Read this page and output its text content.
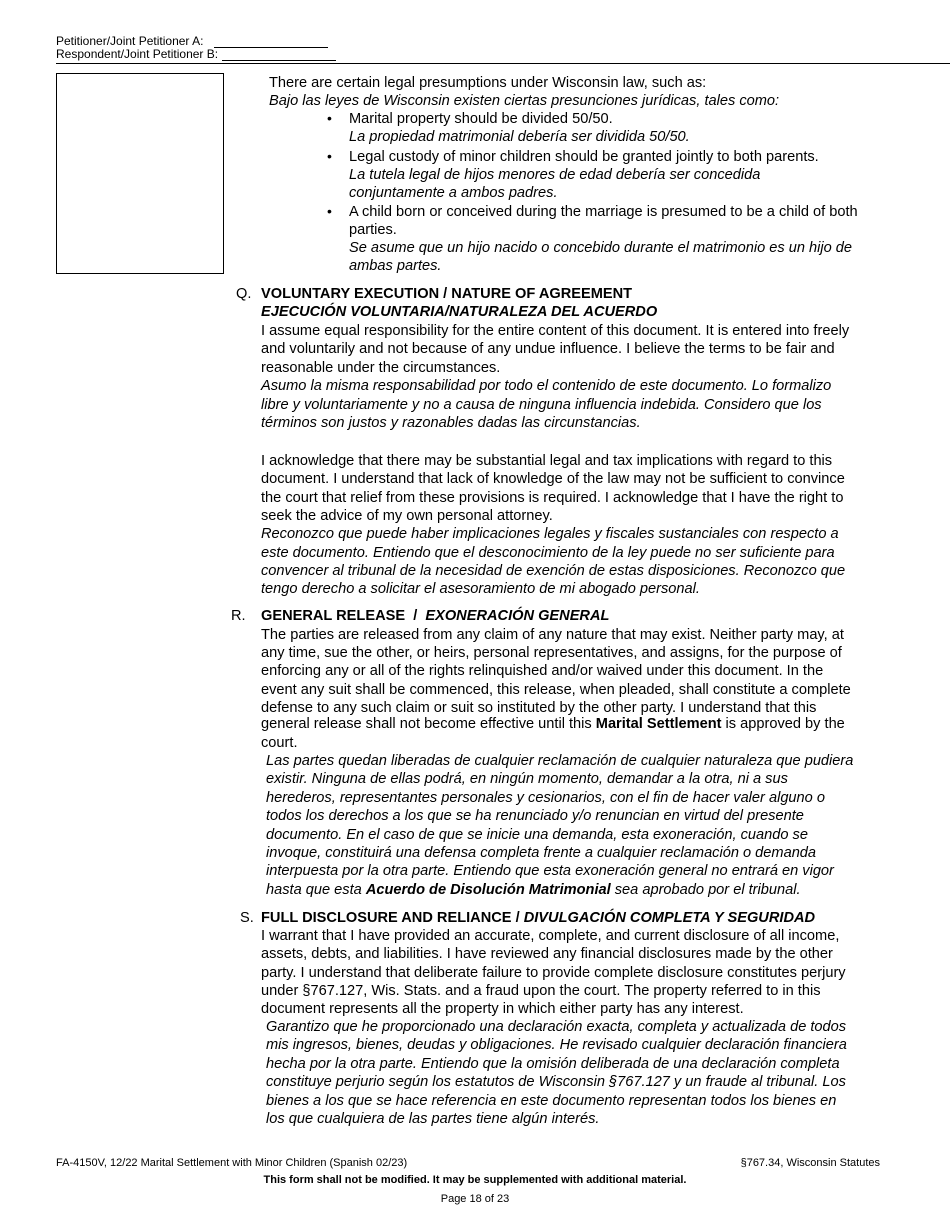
Petitioner/Joint Petitioner A:
Respondent/Joint Petitioner B:
There are certain legal presumptions under Wisconsin law, such as:
Bajo las leyes de Wisconsin existen ciertas presunciones jurídicas, tales como:
• Marital property should be divided 50/50.
La propiedad matrimonial debería ser dividida 50/50.
• Legal custody of minor children should be granted jointly to both parents.
La tutela legal de hijos menores de edad debería ser concedida
conjuntamente a ambos padres.
• A child born or conceived during the marriage is presumed to be a child of both
parties.
Se asume que un hijo nacido o concebido durante el matrimonio es un hijo de
ambas partes.
Q. VOLUNTARY EXECUTION / NATURE OF AGREEMENT
EJECUCIÓN VOLUNTARIA/NATURALEZA DEL ACUERDO
I assume equal responsibility for the entire content of this document. It is entered into freely
and voluntarily and not because of any undue influence. I believe the terms to be fair and
reasonable under the circumstances.
Asumo la misma responsabilidad por todo el contenido de este documento. Lo formalizo
libre y voluntariamente y no a causa de ninguna influencia indebida. Considero que los
términos son justos y razonables dadas las circunstancias.
I acknowledge that there may be substantial legal and tax implications with regard to this
document. I understand that lack of knowledge of the law may not be sufficient to convince
the court that relief from these provisions is required. I acknowledge that I have the right to
seek the advice of my own personal attorney.
Reconozco que puede haber implicaciones legales y fiscales sustanciales con respecto a
este documento. Entiendo que el desconocimiento de la ley puede no ser suficiente para
convencer al tribunal de la necesidad de exención de estas disposiciones. Reconozco que
tengo derecho a solicitar el asesoramiento de mi abogado personal.
R. GENERAL RELEASE / EXONERACIÓN GENERAL
The parties are released from any claim of any nature that may exist. Neither party may, at
any time, sue the other, or heirs, personal representatives, and assigns, for the purpose of
enforcing any or all of the rights relinquished and/or waived under this document. In the
event any suit shall be commenced, this release, when pleaded, shall constitute a complete
defense to any such claim or suit so instituted by the other party. I understand that this
general release shall not become effective until this Marital Settlement is approved by the
court.
Las partes quedan liberadas de cualquier reclamación de cualquier naturaleza que pudiera
existir. Ninguna de ellas podrá, en ningún momento, demandar a la otra, ni a sus
herederos, representantes personales y cesionarios, con el fin de hacer valer alguno o
todos los derechos a los que se ha renunciado y/o renuncian en virtud del presente
documento. En el caso de que se inicie una demanda, esta exoneración, cuando se
invoque, constituirá una defensa completa frente a cualquier reclamación o demanda
interpuesta por la otra parte. Entiendo que esta exoneración general no entrará en vigor
hasta que esta Acuerdo de Disolución Matrimonial sea aprobado por el tribunal.
S. FULL DISCLOSURE AND RELIANCE / DIVULGACIÓN COMPLETA Y SEGURIDAD
I warrant that I have provided an accurate, complete, and current disclosure of all income,
assets, debts, and liabilities. I have reviewed any financial disclosures made by the other
party. I understand that deliberate failure to provide complete disclosure constitutes perjury
under §767.127, Wis. Stats. and a fraud upon the court. The property referred to in this
document represents all the property in which either party has any interest.
Garantizo que he proporcionado una declaración exacta, completa y actualizada de todos
mis ingresos, bienes, deudas y obligaciones. He revisado cualquier declaración financiera
hecha por la otra parte. Entiendo que la omisión deliberada de una declaración completa
constituye perjurio según los estatutos de Wisconsin §767.127 y un fraude al tribunal. Los
bienes a los que se hace referencia en este documento representan todos los bienes en
los que cualquiera de las partes tiene algún interés.
FA-4150V, 12/22 Marital Settlement with Minor Children (Spanish 02/23)	§767.34, Wisconsin Statutes
This form shall not be modified. It may be supplemented with additional material.
Page 18 of 23
